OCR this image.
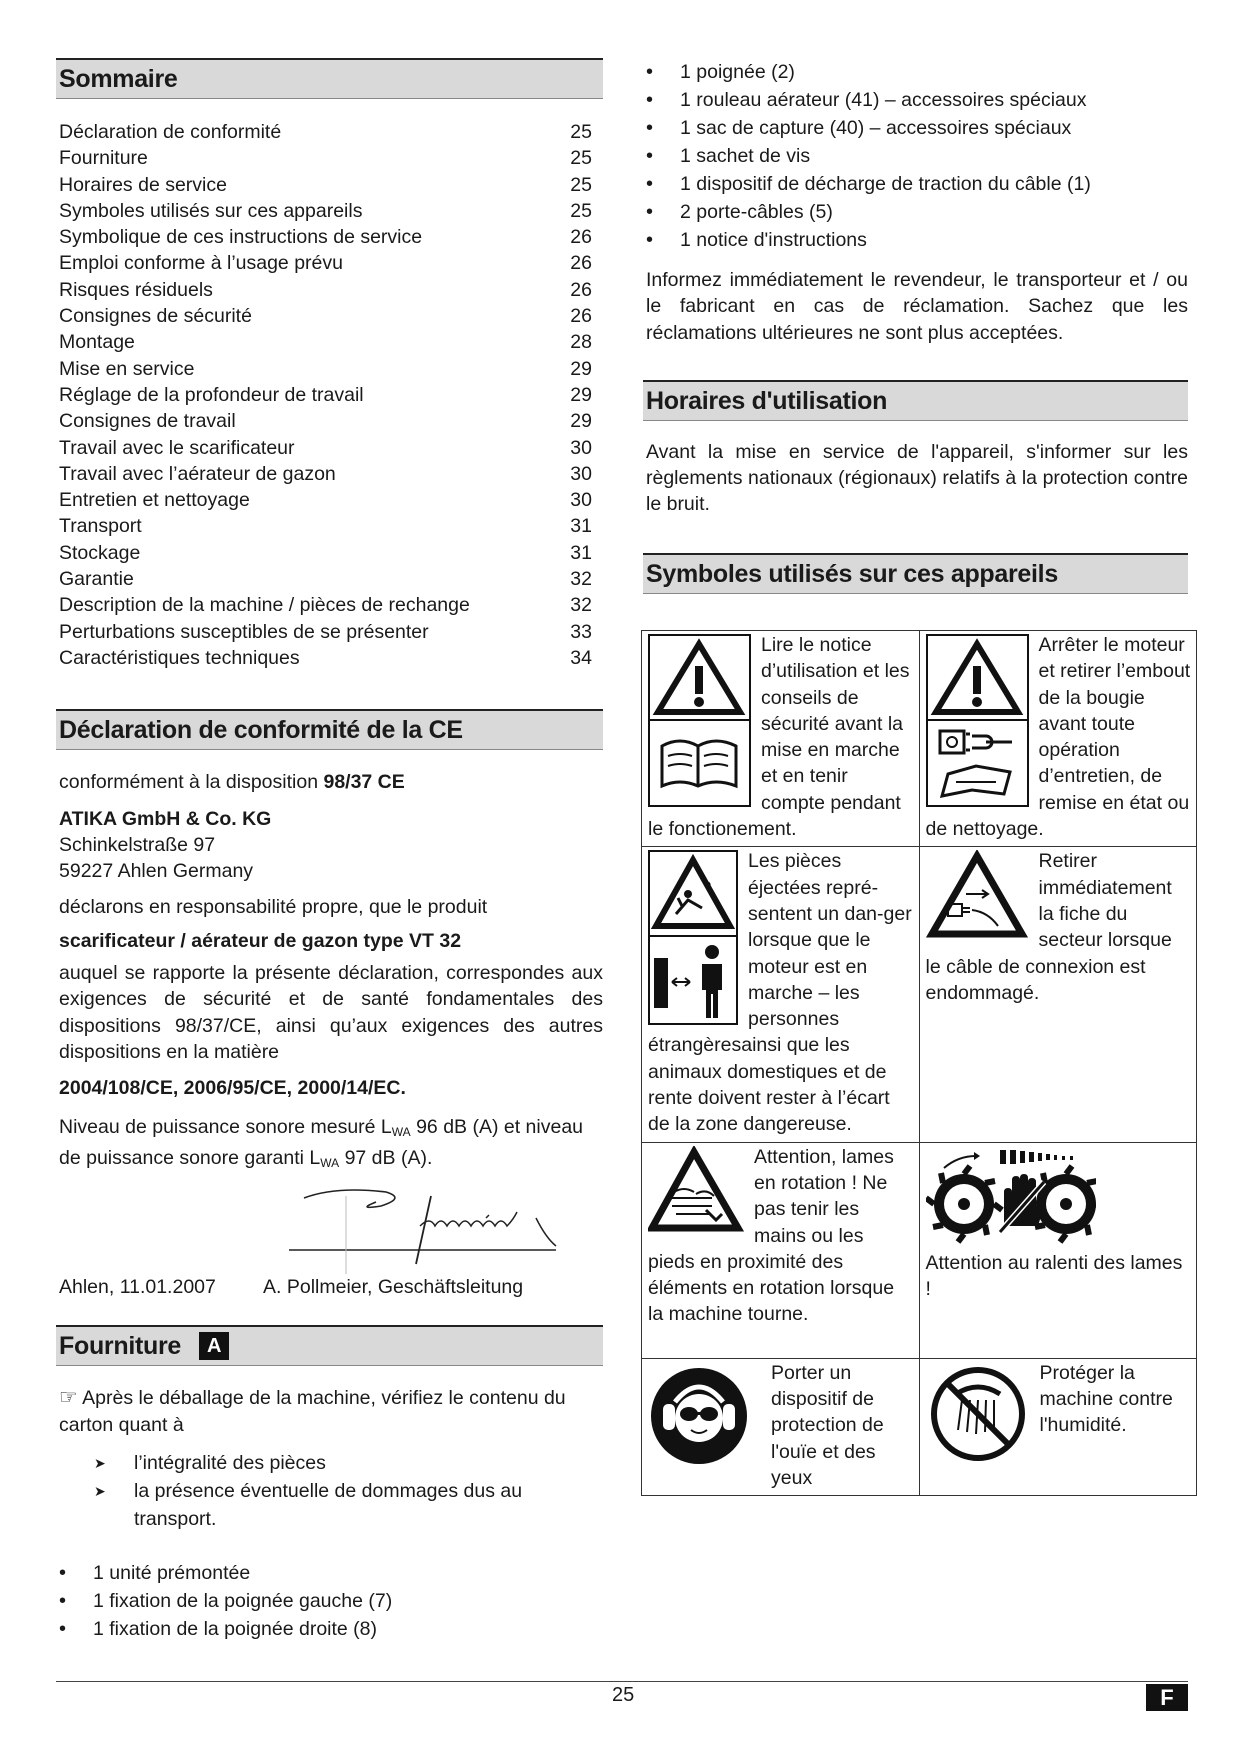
Sommaire
Déclaration de conformité	25
Fourniture	25
Horaires de service	25
Symboles utilisés sur ces appareils	25
Symbolique de ces instructions de service	26
Emploi conforme à l’usage prévu	26
Risques résiduels	26
Consignes de sécurité	26
Montage	28
Mise en service	29
Réglage de la profondeur de travail	29
Consignes de travail	29
Travail avec le scarificateur	30
Travail avec l’aérateur de gazon	30
Entretien et nettoyage	30
Transport	31
Stockage	31
Garantie	32
Description de la machine / pièces de rechange	32
Perturbations susceptibles de se présenter	33
Caractéristiques techniques	34
Déclaration de conformité de la CE

conformément à la disposition 98/37 CE

ATIKA GmbH & Co. KG

Schinkelstraße 97

59227 Ahlen Germany

déclarons en responsabilité propre, que le produit

scarificateur / aérateur de gazon type VT 32

auquel se rapporte la présente déclaration, correspondes aux exigences de sécurité et de santé fondamentales des dispositions 98/37/CE, ainsi qu’aux exigences des autres dispositions en la matière

2004/108/CE, 2006/95/CE, 2000/14/EC.

Niveau de puissance sonore mesuré $L_{WA}$ 96 dB (A) et niveau de puissance sonore garanti $L_{WA}$ 97 dB (A).

Ahlen, 11.01.2007	A. Pollmeier, Geschäftsleitung
Fourniture A

☞ Après le déballage de la machine, vérifiez le contenu du carton quant à

➤ l’intégralité des pièces
➤ la présence éventuelle de dommages dus au transport.
• 1 unité prémontée
• 1 fixation de la poignée gauche (7)
• 1 fixation de la poignée droite (8)
• 1 poignée (2)
• 1 rouleau aérateur (41) – accessoires spéciaux
• 1 sac de capture (40) – accessoires spéciaux
• 1 sachet de vis
• 1 dispositif de décharge de traction du câble (1)
• 2 porte-câbles (5)
• 1 notice d'instructions

Informez immédiatement le revendeur, le transporteur et / ou le fabricant en cas de réclamation. Sachez que les réclamations ultérieures ne sont plus acceptées.

Horaires d'utilisation

Avant la mise en service de l'appareil, s'informer sur les règlements nationaux (régionaux) relatifs à la protection contre le bruit.

Symboles utilisés sur ces appareils
Lire le notice d’utilisation et les conseils de sécurité avant la mise en marche et en tenir compte pendant le fonctionement.	Arrêter le moteur et retirer l’embout de la bougie avant toute opération d’entretien, de remise en état ou de nettoyage.

Les pièces éjectées repré-sentent un dan-ger lorsque que le moteur est en marche – les personnes étrangèresainsi que les animaux domestiques et de rente doivent rester à l’écart de la zone dangereuse.	Retirer immédiatement la fiche du secteur lorsque le câble de connexion est endommagé.

Attention, lames en rotation ! Ne pas tenir les mains ou les pieds en proximité des éléments en rotation lorsque la machine tourne.	Attention au ralenti des lames !

Porter un dispositif de protection de l'ouïe et des yeux	Protéger la machine contre l'humidité.
25	F
